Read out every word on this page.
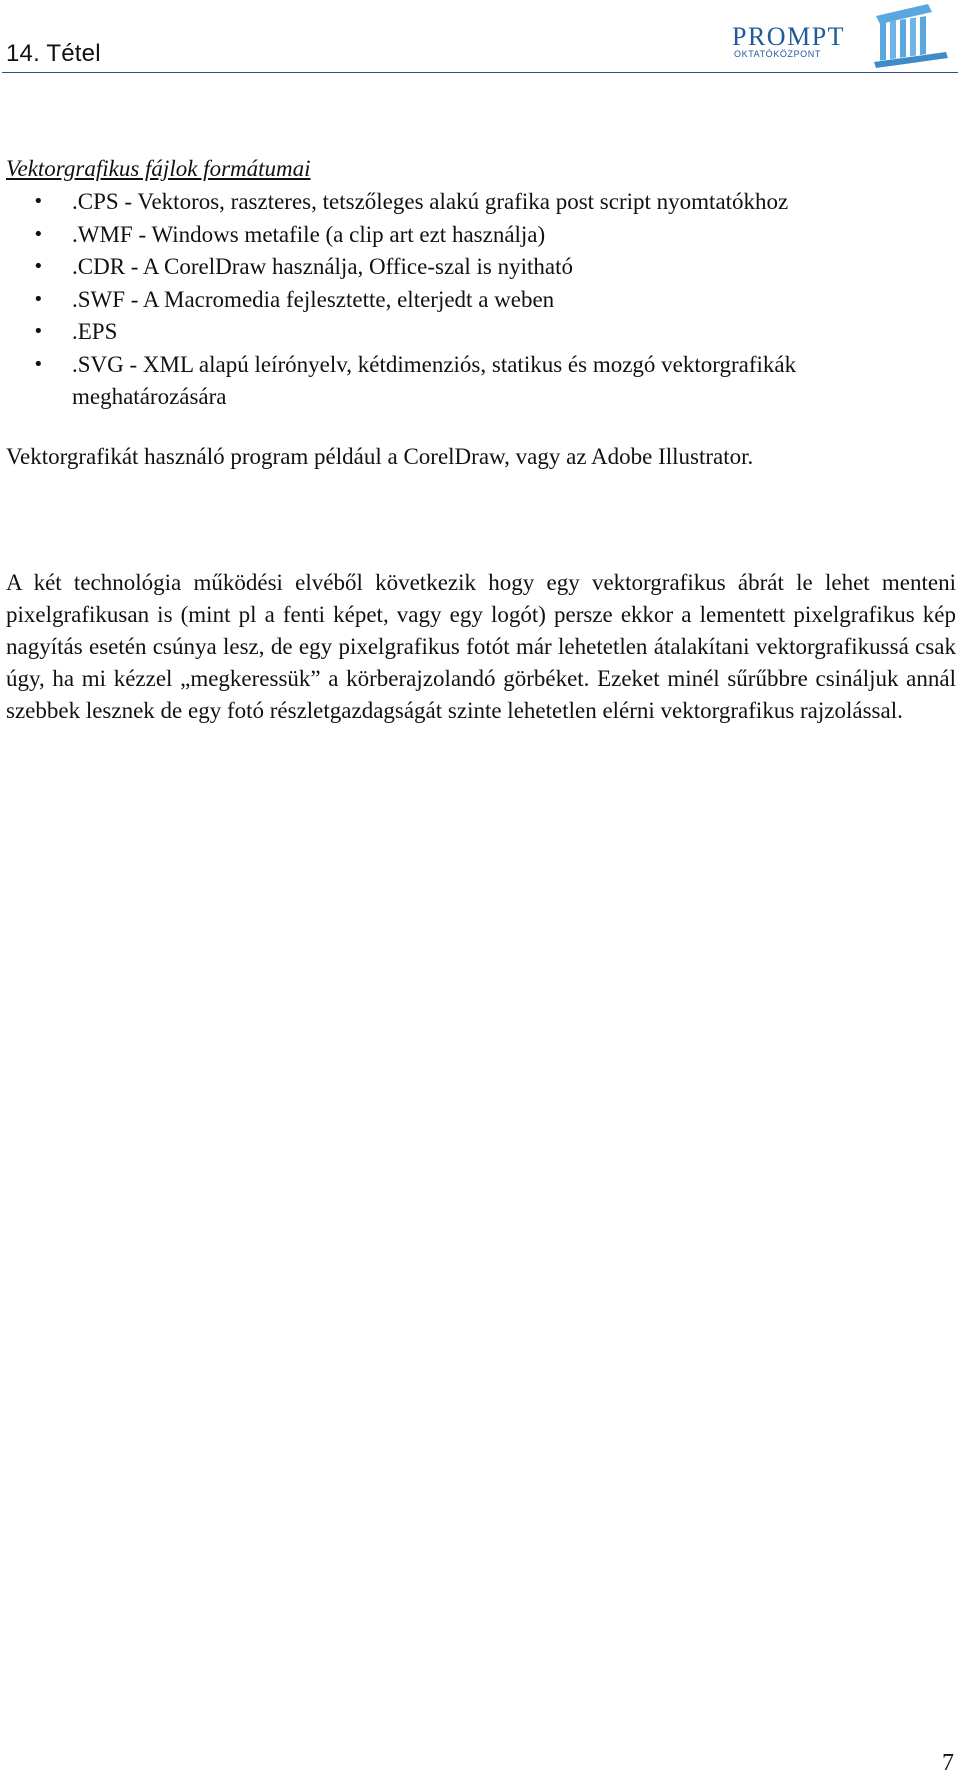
14. Tétel
PROMPT
OKTATÓKÖZPONT

Vektorgrafikus fájlok formátumai

• .CPS - Vektoros, raszteres, tetszőleges alakú grafika post script nyomtatókhoz
• .WMF - Windows metafile (a clip art ezt használja)
• .CDR - A CorelDraw használja, Office-szal is nyitható
• .SWF - A Macromedia fejlesztette, elterjedt a weben
• .EPS
• .SVG - XML alapú leírónyelv, kétdimenziós, statikus és mozgó vektorgrafikák meghatározására

Vektorgrafikát használó program például a CorelDraw, vagy az Adobe Illustrator.

A két technológia működési elvéből következik hogy egy vektorgrafikus ábrát le lehet menteni pixelgrafikusan is (mint pl a fenti képet, vagy egy logót) persze ekkor a lementett pixelgrafikus kép nagyítás esetén csúnya lesz, de egy pixelgrafikus fotót már lehetetlen átalakítani vektorgrafikussá csak úgy, ha mi kézzel „megkeressük” a körberajzolandó görbéket. Ezeket minél sűrűbbre csináljuk annál szebbek lesznek de egy fotó részletgazdagságát szinte lehetetlen elérni vektorgrafikus rajzolással.

7
